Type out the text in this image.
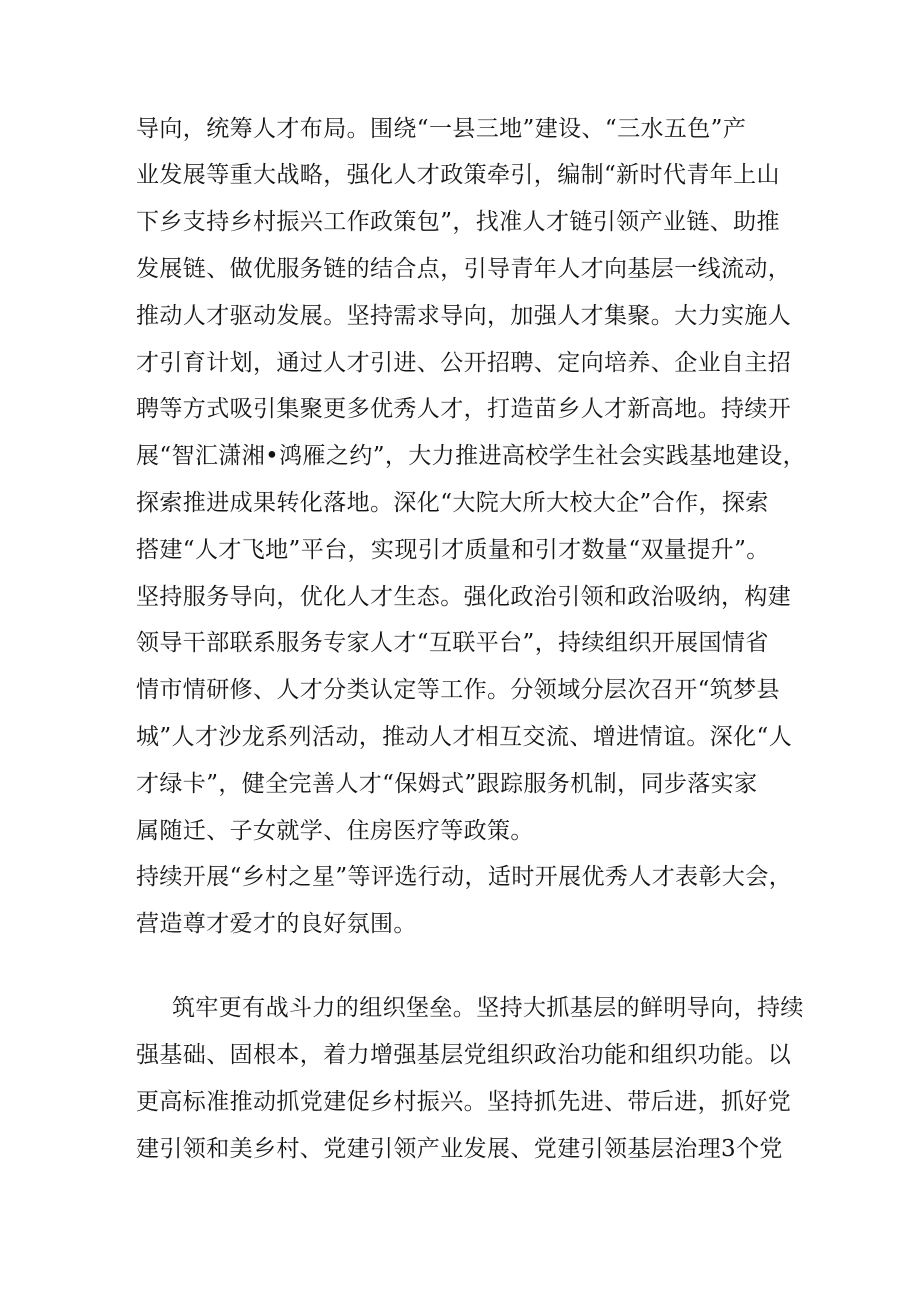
导向，统筹人才布局。围绕“一县三地”建设、“三水五色”产
业发展等重大战略，强化人才政策牵引，编制“新时代青年上山
下乡支持乡村振兴工作政策包”，找准人才链引领产业链、助推
发展链、做优服务链的结合点，引导青年人才向基层一线流动，
推动人才驱动发展。坚持需求导向，加强人才集聚。大力实施人
才引育计划，通过人才引进、公开招聘、定向培养、企业自主招
聘等方式吸引集聚更多优秀人才，打造苗乡人才新高地。持续开
展“智汇潇湘•鸿雁之约”，大力推进高校学生社会实践基地建设，
探索推进成果转化落地。深化“大院大所大校大企”合作，探索
搭建“人才飞地”平台，实现引才质量和引才数量“双量提升”。
坚持服务导向，优化人才生态。强化政治引领和政治吸纳，构建
领导干部联系服务专家人才“互联平台”，持续组织开展国情省
情市情研修、人才分类认定等工作。分领域分层次召开“筑梦县
城”人才沙龙系列活动，推动人才相互交流、增进情谊。深化“人
才绿卡”，健全完善人才“保姆式”跟踪服务机制，同步落实家
属随迁、子女就学、住房医疗等政策。
持续开展“乡村之星”等评选行动，适时开展优秀人才表彰大会，
营造尊才爱才的良好氛围。
筑牢更有战斗力的组织堡垒。坚持大抓基层的鲜明导向，持续
强基础、固根本，着力增强基层党组织政治功能和组织功能。以
更高标准推动抓党建促乡村振兴。坚持抓先进、带后进，抓好党
建引领和美乡村、党建引领产业发展、党建引领基层治理3个党
